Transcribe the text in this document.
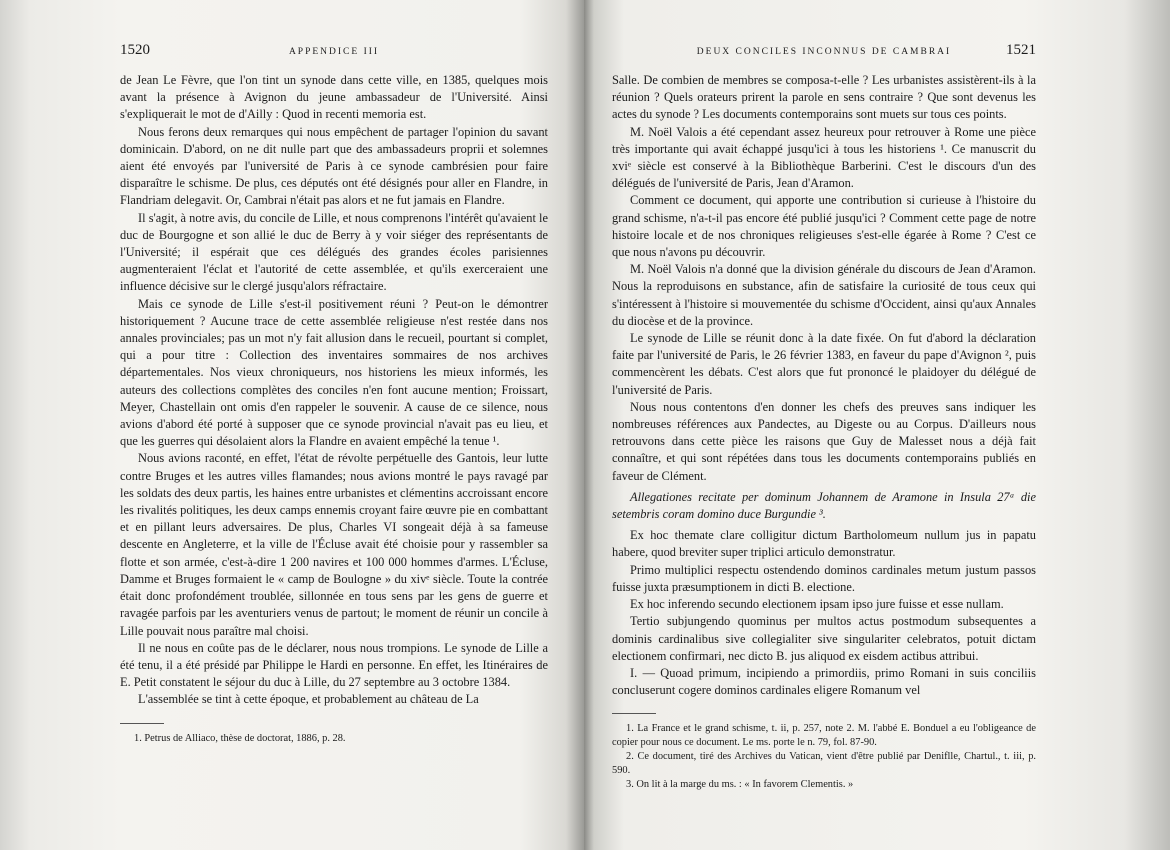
1520	APPENDICE III

de Jean Le Fèvre, que l'on tint un synode dans cette ville, en 1385, quelques mois avant la présence à Avignon du jeune ambassadeur de l'Université. Ainsi s'expliquerait le mot de d'Ailly : Quod in recenti memoria est.

Nous ferons deux remarques qui nous empêchent de partager l'opinion du savant dominicain. D'abord, on ne dit nulle part que des ambassadeurs proprii et solemnes aient été envoyés par l'université de Paris à ce synode cambrésien pour faire disparaître le schisme. De plus, ces députés ont été désignés pour aller en Flandre, in Flandriam delegavit. Or, Cambrai n'était pas alors et ne fut jamais en Flandre.

Il s'agit, à notre avis, du concile de Lille, et nous comprenons l'intérêt qu'avaient le duc de Bourgogne et son allié le duc de Berry à y voir siéger des représentants de l'Université; il espérait que ces délégués des grandes écoles parisiennes augmenteraient l'éclat et l'autorité de cette assemblée, et qu'ils exerceraient une influence décisive sur le clergé jusqu'alors réfractaire.

Mais ce synode de Lille s'est-il positivement réuni ? Peut-on le démontrer historiquement ? Aucune trace de cette assemblée religieuse n'est restée dans nos annales provinciales; pas un mot n'y fait allusion dans le recueil, pourtant si complet, qui a pour titre : Collection des inventaires sommaires de nos archives départementales. Nos vieux chroniqueurs, nos historiens les mieux informés, les auteurs des collections complètes des conciles n'en font aucune mention; Froissart, Meyer, Chastellain ont omis d'en rappeler le souvenir. A cause de ce silence, nous avions d'abord été porté à supposer que ce synode provincial n'avait pas eu lieu, et que les guerres qui désolaient alors la Flandre en avaient empêché la tenue ¹.

Nous avions raconté, en effet, l'état de révolte perpétuelle des Gantois, leur lutte contre Bruges et les autres villes flamandes; nous avions montré le pays ravagé par les soldats des deux partis, les haines entre urbanistes et clémentins accroissant encore les rivalités politiques, les deux camps ennemis croyant faire œuvre pie en combattant et en pillant leurs adversaires. De plus, Charles VI songeait déjà à sa fameuse descente en Angleterre, et la ville de l'Écluse avait été choisie pour y rassembler sa flotte et son armée, c'est-à-dire 1 200 navires et 100 000 hommes d'armes. L'Écluse, Damme et Bruges formaient le « camp de Boulogne » du xivᵉ siècle. Toute la contrée était donc profondément troublée, sillonnée en tous sens par les gens de guerre et ravagée parfois par les aventuriers venus de partout; le moment de réunir un concile à Lille pouvait nous paraître mal choisi.

Il ne nous en coûte pas de le déclarer, nous nous trompions. Le synode de Lille a été tenu, il a été présidé par Philippe le Hardi en personne. En effet, les Itinéraires de E. Petit constatent le séjour du duc à Lille, du 27 septembre au 3 octobre 1384.

L'assemblée se tint à cette époque, et probablement au château de La

1. Petrus de Alliaco, thèse de doctorat, 1886, p. 28.

DEUX CONCILES INCONNUS DE CAMBRAI	1521

Salle. De combien de membres se composa-t-elle ? Les urbanistes assistèrent-ils à la réunion ? Quels orateurs prirent la parole en sens contraire ? Que sont devenus les actes du synode ? Les documents contemporains sont muets sur tous ces points.

M. Noël Valois a été cependant assez heureux pour retrouver à Rome une pièce très importante qui avait échappé jusqu'ici à tous les historiens ¹. Ce manuscrit du xviᵉ siècle est conservé à la Bibliothèque Barberini. C'est le discours d'un des délégués de l'université de Paris, Jean d'Aramon.

Comment ce document, qui apporte une contribution si curieuse à l'histoire du grand schisme, n'a-t-il pas encore été publié jusqu'ici ? Comment cette page de notre histoire locale et de nos chroniques religieuses s'est-elle égarée à Rome ? C'est ce que nous n'avons pu découvrir.

M. Noël Valois n'a donné que la division générale du discours de Jean d'Aramon. Nous la reproduisons en substance, afin de satisfaire la curiosité de tous ceux qui s'intéressent à l'histoire si mouvementée du schisme d'Occident, ainsi qu'aux Annales du diocèse et de la province.

Le synode de Lille se réunit donc à la date fixée. On fut d'abord la déclaration faite par l'université de Paris, le 26 février 1383, en faveur du pape d'Avignon ², puis commencèrent les débats. C'est alors que fut prononcé le plaidoyer du délégué de l'université de Paris.

Nous nous contentons d'en donner les chefs des preuves sans indiquer les nombreuses références aux Pandectes, au Digeste ou au Corpus. D'ailleurs nous retrouvons dans cette pièce les raisons que Guy de Malesset nous a déjà fait connaître, et qui sont répétées dans tous les documents contemporains publiés en faveur de Clément.

Allegationes recitate per dominum Johannem de Aramone in Insula 27ᵃ die setembris coram domino duce Burgundie ³.

Ex hoc themate clare colligitur dictum Bartholomeum nullum jus in papatu habere, quod breviter super triplici articulo demonstratur.

Primo multiplici respectu ostendendo dominos cardinales metum justum passos fuisse juxta præsumptionem in dicti B. electione.

Ex hoc inferendo secundo electionem ipsam ipso jure fuisse et esse nullam.

Tertio subjungendo quominus per multos actus postmodum subsequentes a dominis cardinalibus sive collegialiter sive singulariter celebratos, potuit dictam electionem confirmari, nec dicto B. jus aliquod ex eisdem actibus attribui.

I. — Quoad primum, incipiendo a primordiis, primo Romani in suis conciliis concluserunt cogere dominos cardinales eligere Romanum vel

1. La France et le grand schisme, t. ii, p. 257, note 2. M. l'abbé E. Bonduel a eu l'obligeance de copier pour nous ce document. Le ms. porte le n. 79, fol. 87-90.

2. Ce document, tiré des Archives du Vatican, vient d'être publié par Deniflle, Chartul., t. iii, p. 590.

3. On lit à la marge du ms. : « In favorem Clementis. »
